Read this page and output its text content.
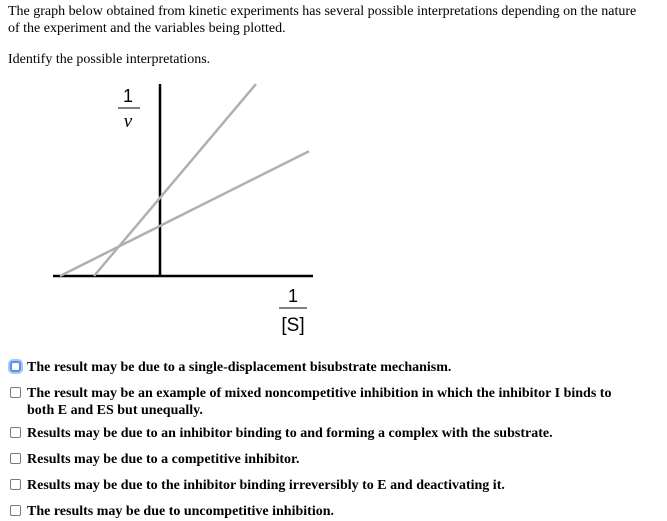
The graph below obtained from kinetic experiments has several possible interpretations depending on the nature of the experiment and the variables being plotted.
Identify the possible interpretations.
1
v
1
[S]
The result may be due to a single-displacement bisubstrate mechanism.
The result may be an example of mixed noncompetitive inhibition in which the inhibitor I binds to both E and ES but unequally.
Results may be due to an inhibitor binding to and forming a complex with the substrate.
Results may be due to a competitive inhibitor.
Results may be due to the inhibitor binding irreversibly to E and deactivating it.
The results may be due to uncompetitive inhibition.
